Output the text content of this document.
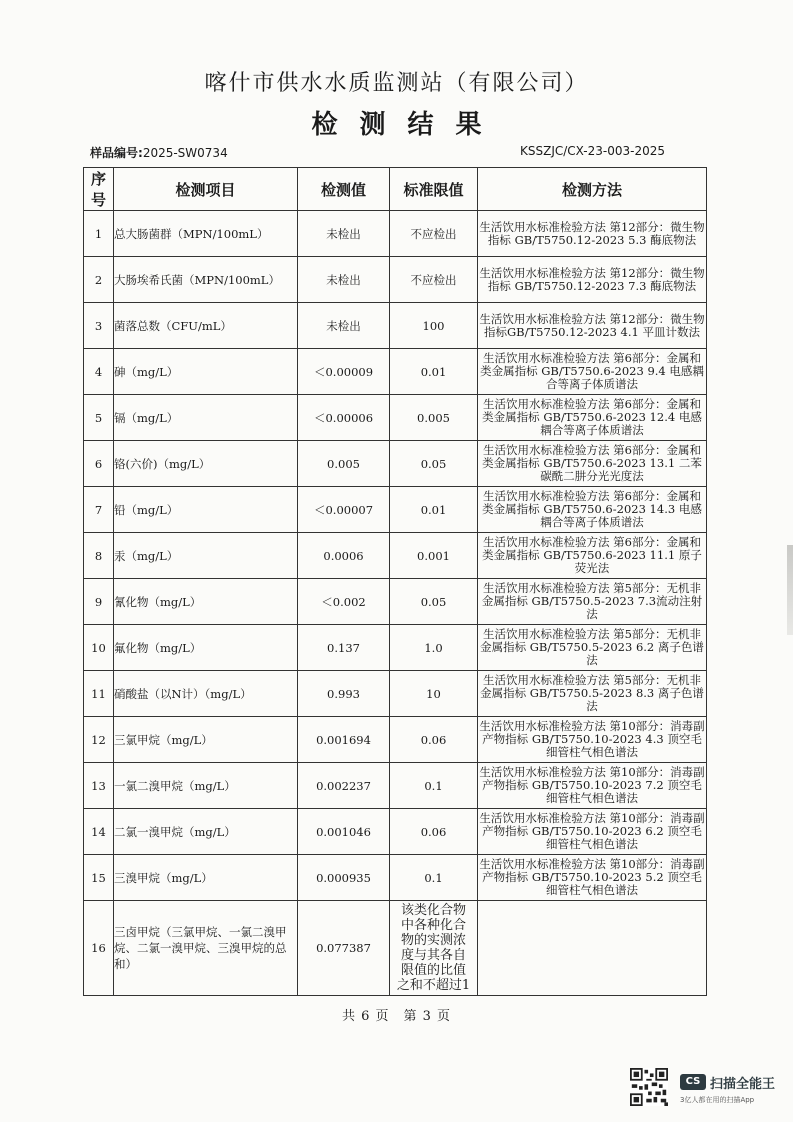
喀什市供水水质监测站（有限公司）
检测结果
样品编号:2025-SW0734	KSSZJC/CX-23-003-2025
序号	检测项目	检测值	标准限值	检测方法
1	总大肠菌群（MPN/100mL）	未检出	不应检出	生活饮用水标准检验方法 第12部分：微生物指标 GB/T5750.12-2023 5.3 酶底物法
2	大肠埃希氏菌（MPN/100mL）	未检出	不应检出	生活饮用水标准检验方法 第12部分：微生物指标 GB/T5750.12-2023 7.3 酶底物法
3	菌落总数（CFU/mL）	未检出	100	生活饮用水标准检验方法 第12部分：微生物指标GB/T5750.12-2023 4.1 平皿计数法
4	砷（mg/L）	＜0.00009	0.01	生活饮用水标准检验方法 第6部分：金属和类金属指标 GB/T5750.6-2023 9.4 电感耦合等离子体质谱法
5	镉（mg/L）	＜0.00006	0.005	生活饮用水标准检验方法 第6部分：金属和类金属指标 GB/T5750.6-2023 12.4 电感耦合等离子体质谱法
6	铬(六价)（mg/L）	0.005	0.05	生活饮用水标准检验方法 第6部分：金属和类金属指标 GB/T5750.6-2023 13.1 二苯碳酰二肼分光光度法
7	铅（mg/L）	＜0.00007	0.01	生活饮用水标准检验方法 第6部分：金属和类金属指标 GB/T5750.6-2023 14.3 电感耦合等离子体质谱法
8	汞（mg/L）	0.0006	0.001	生活饮用水标准检验方法 第6部分：金属和类金属指标 GB/T5750.6-2023 11.1 原子荧光法
9	氰化物（mg/L）	＜0.002	0.05	生活饮用水标准检验方法 第5部分：无机非金属指标 GB/T5750.5-2023 7.3流动注射法
10	氟化物（mg/L）	0.137	1.0	生活饮用水标准检验方法 第5部分：无机非金属指标 GB/T5750.5-2023 6.2 离子色谱法
11	硝酸盐（以N计）（mg/L）	0.993	10	生活饮用水标准检验方法 第5部分：无机非金属指标 GB/T5750.5-2023 8.3 离子色谱法
12	三氯甲烷（mg/L）	0.001694	0.06	生活饮用水标准检验方法 第10部分：消毒副产物指标 GB/T5750.10-2023 4.3 顶空毛细管柱气相色谱法
13	一氯二溴甲烷（mg/L）	0.002237	0.1	生活饮用水标准检验方法 第10部分：消毒副产物指标 GB/T5750.10-2023 7.2 顶空毛细管柱气相色谱法
14	二氯一溴甲烷（mg/L）	0.001046	0.06	生活饮用水标准检验方法 第10部分：消毒副产物指标 GB/T5750.10-2023 6.2 顶空毛细管柱气相色谱法
15	三溴甲烷（mg/L）	0.000935	0.1	生活饮用水标准检验方法 第10部分：消毒副产物指标 GB/T5750.10-2023 5.2 顶空毛细管柱气相色谱法
16	三卤甲烷（三氯甲烷、一氯二溴甲烷、二氯一溴甲烷、三溴甲烷的总和）	0.077387	该类化合物中各种化合物的实测浓度与其各自限值的比值之和不超过1	
共 6 页　第 3 页
CS 扫描全能王
3亿人都在用的扫描App
